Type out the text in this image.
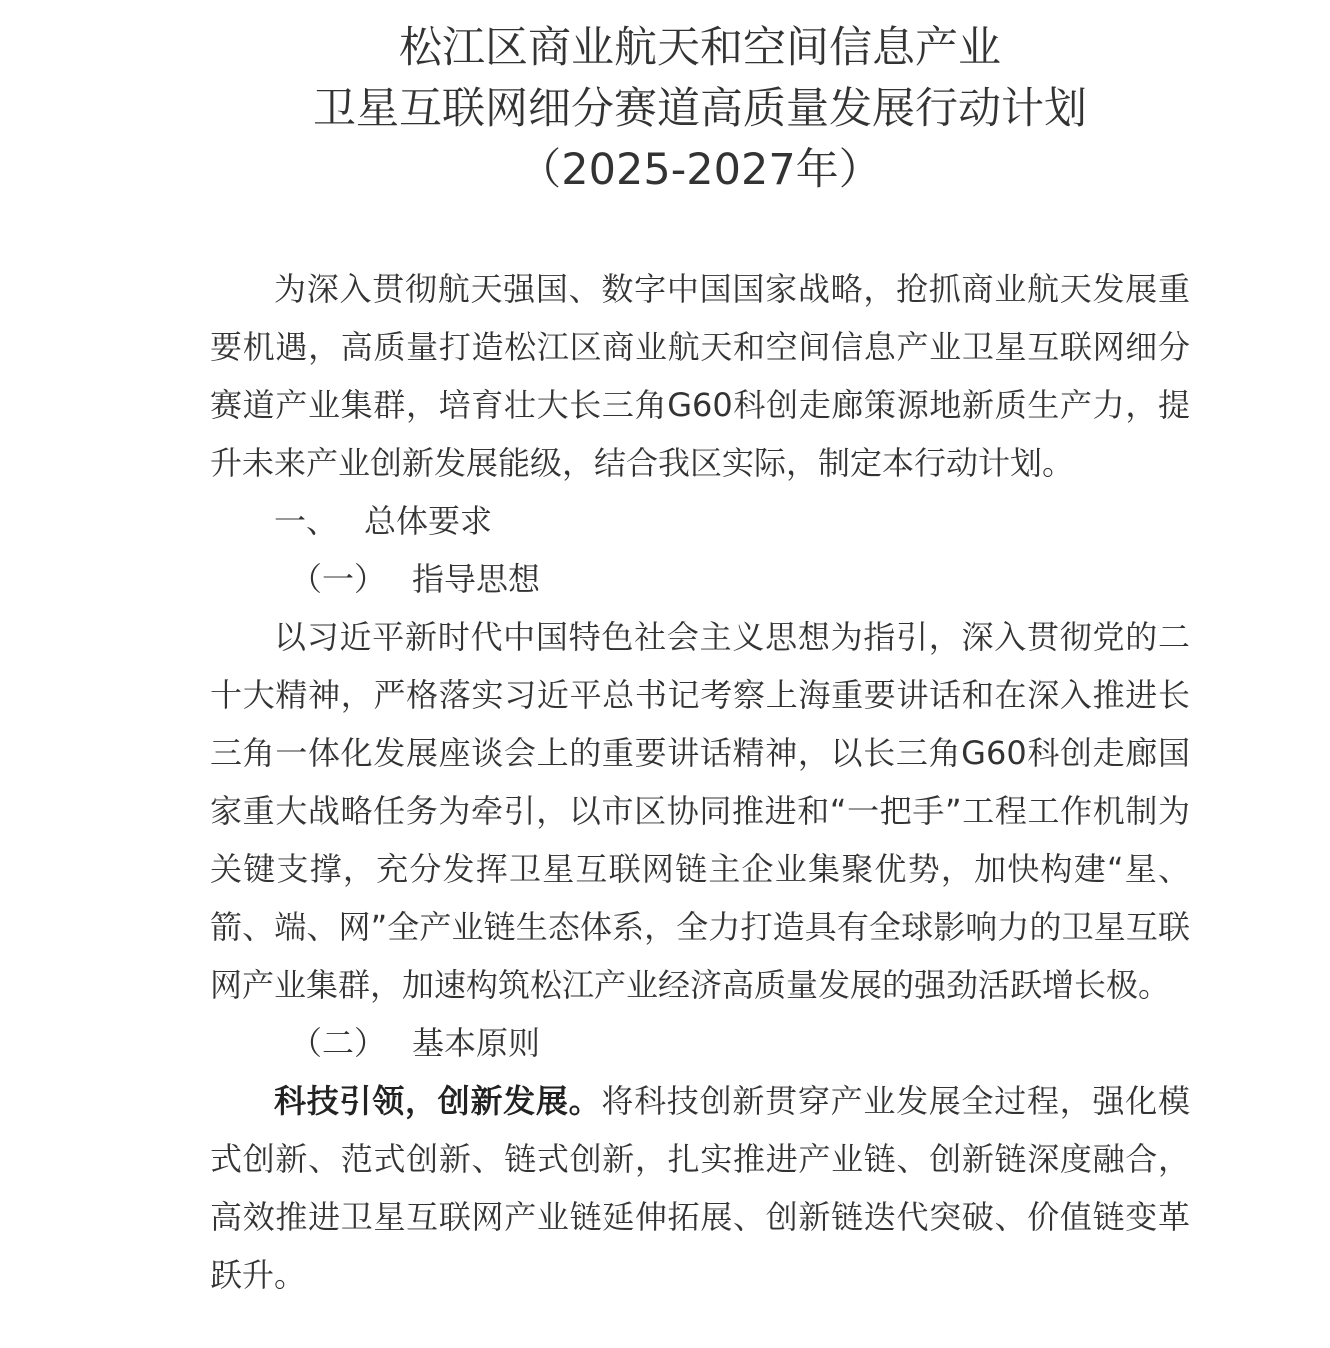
松江区商业航天和空间信息产业
卫星互联网细分赛道高质量发展行动计划
（2025-2027年）

为深入贯彻航天强国、数字中国国家战略，抢抓商业航天发展重要机遇，高质量打造松江区商业航天和空间信息产业卫星互联网细分赛道产业集群，培育壮大长三角G60科创走廊策源地新质生产力，提升未来产业创新发展能级，结合我区实际，制定本行动计划。

一、 总体要求

（一） 指导思想

以习近平新时代中国特色社会主义思想为指引，深入贯彻党的二十大精神，严格落实习近平总书记考察上海重要讲话和在深入推进长三角一体化发展座谈会上的重要讲话精神，以长三角G60科创走廊国家重大战略任务为牵引，以市区协同推进和“一把手”工程工作机制为关键支撑，充分发挥卫星互联网链主企业集聚优势，加快构建“星、箭、端、网”全产业链生态体系，全力打造具有全球影响力的卫星互联网产业集群，加速构筑松江产业经济高质量发展的强劲活跃增长极。

（二） 基本原则

科技引领，创新发展。将科技创新贯穿产业发展全过程，强化模式创新、范式创新、链式创新，扎实推进产业链、创新链深度融合，高效推进卫星互联网产业链延伸拓展、创新链迭代突破、价值链变革跃升。
